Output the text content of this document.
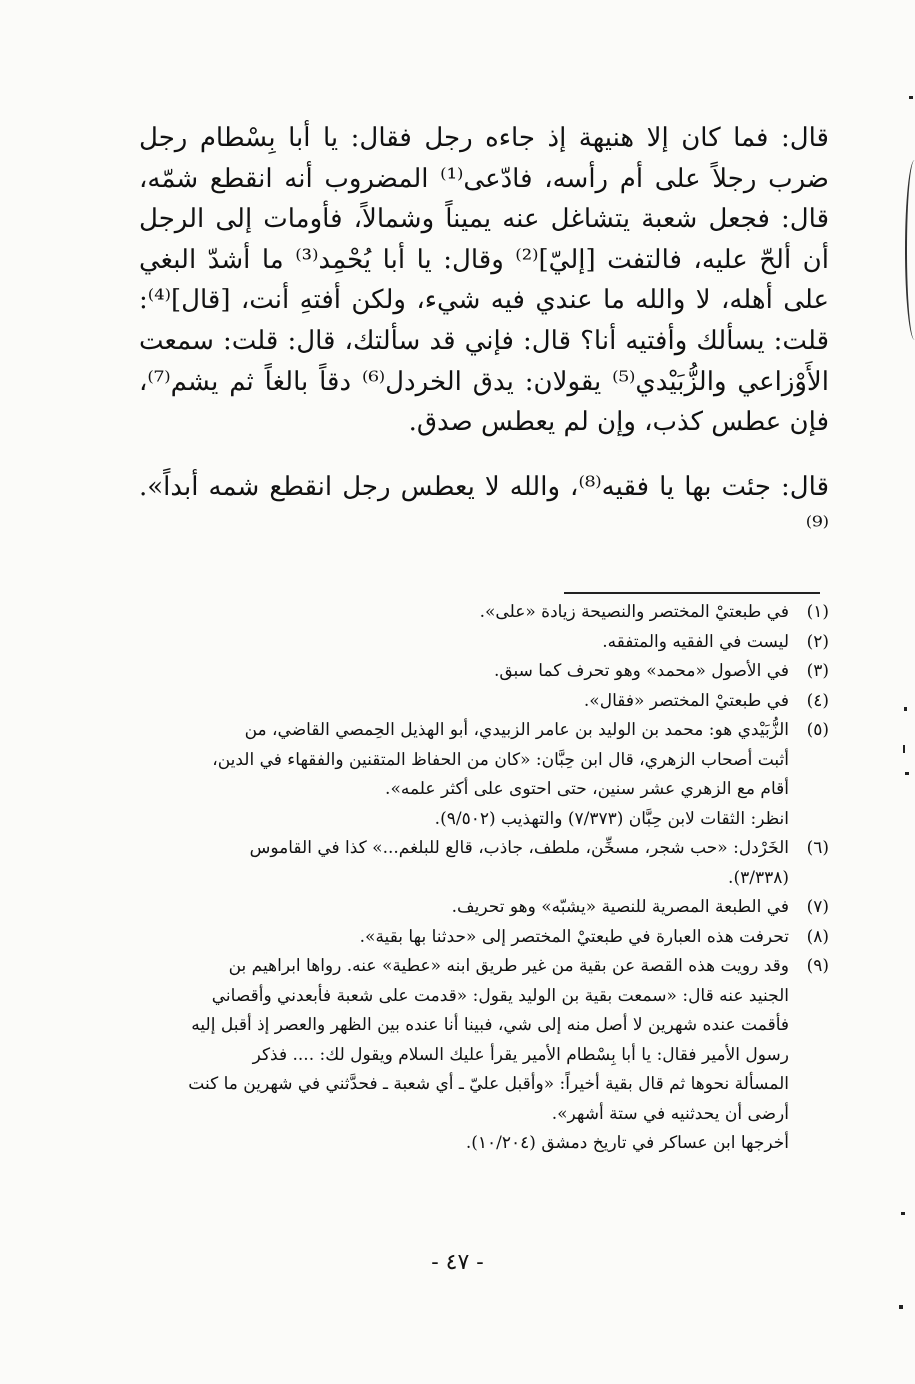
قال: فما كان إلا هنيهة إذ جاءه رجل فقال: يا أبا بِسْطام رجل ضرب رجلاً على أم رأسه، فادّعى⁽¹⁾ المضروب أنه انقطع شمّه، قال: فجعل شعبة يتشاغل عنه يميناً وشمالاً، فأومات إلى الرجل أن ألحّ عليه، فالتفت [إليّ]⁽²⁾ وقال: يا أبا يُحْمِد⁽³⁾ ما أشدّ البغي على أهله، لا والله ما عندي فيه شيء، ولكن أفتهِ أنت، [قال]⁽⁴⁾: قلت: يسألك وأفتيه أنا؟ قال: فإني قد سألتك، قال: قلت: سمعت الأَوْزاعي والزُّبَيْدي⁽⁵⁾ يقولان: يدق الخردل⁽⁶⁾ دقاً بالغاً ثم يشم⁽⁷⁾، فإن عطس كذب، وإن لم يعطس صدق.

قال: جئت بها يا فقيه⁽⁸⁾، والله لا يعطس رجل انقطع شمه أبداً». ⁽⁹⁾

(١)
في طبعتيْ المختصر والنصيحة زيادة «على».
(٢)
ليست في الفقيه والمتفقه.
(٣)
في الأصول «محمد» وهو تحرف كما سبق.
(٤)
في طبعتيْ المختصر «فقال».
(٥)
الزُّبَيْدي هو: محمد بن الوليد بن عامر الزبيدي، أبو الهذيل الحِمصي القاضي، من
أثبت أصحاب الزهري، قال ابن حِبَّان: «كان من الحفاظ المتقنين والفقهاء في الدين،
أقام مع الزهري عشر سنين، حتى احتوى على أكثر علمه».
انظر: الثقات لابن حِبَّان (٧/٣٧٣) والتهذيب (٩/٥٠٢).
(٦)
الخَرْدل: «حب شجر، مسخِّن، ملطف، جاذب، قالع للبلغم...» كذا في القاموس
(٣/٣٣٨).
(٧)
في الطبعة المصرية للنصية «يشبّه» وهو تحريف.
(٨)
تحرفت هذه العبارة في طبعتيْ المختصر إلى «حدثنا بها بقية».
(٩)
وقد رويت هذه القصة عن بقية من غير طريق ابنه «عطية» عنه. رواها ابراهيم بن
الجنيد عنه قال: «سمعت بقية بن الوليد يقول: «قدمت على شعبة فأبعدني وأقصاني
فأقمت عنده شهرين لا أصل منه إلى شي، فبينا أنا عنده بين الظهر والعصر إذ أقبل إليه
رسول الأمير فقال: يا أبا بِسْطام الأمير يقرأ عليك السلام ويقول لك: .... فذكر
المسألة نحوها ثم قال بقية أخيراً: «وأقبل عليّ ـ أي شعبة ـ فحدَّثني في شهرين ما كنت
أرضى أن يحدثنيه في ستة أشهر».
أخرجها ابن عساكر في تاريخ دمشق (١٠/٢٠٤).
- ٤٧ -
